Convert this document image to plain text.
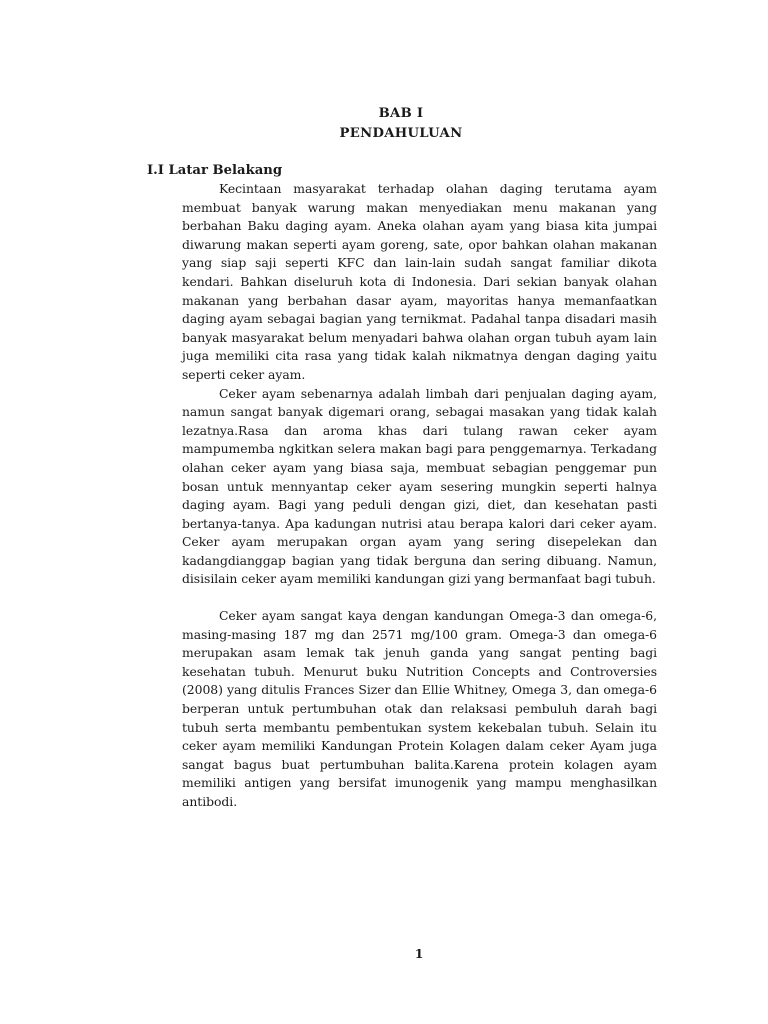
BAB I
PENDAHULUAN
I.I Latar Belakang

Kecintaan masyarakat terhadap olahan daging terutama ayam membuat banyak warung makan menyediakan menu makanan yang berbahan Baku daging ayam. Aneka olahan ayam yang biasa kita jumpai diwarung makan seperti ayam goreng, sate, opor bahkan olahan makanan yang siap saji seperti KFC dan lain-lain sudah sangat familiar dikota kendari. Bahkan diseluruh kota di Indonesia. Dari sekian banyak olahan makanan yang berbahan dasar ayam, mayoritas hanya memanfaatkan daging ayam sebagai bagian yang ternikmat. Padahal tanpa disadari masih banyak masyarakat belum menyadari bahwa olahan organ tubuh ayam lain juga memiliki cita rasa yang tidak kalah nikmatnya dengan daging yaitu seperti ceker ayam.

Ceker ayam sebenarnya adalah limbah dari penjualan daging ayam, namun sangat banyak digemari orang, sebagai masakan yang tidak kalah lezatnya.Rasa dan aroma khas dari tulang rawan ceker ayam mampumemba ngkitkan selera makan bagi para penggemarnya. Terkadang olahan ceker ayam yang biasa saja, membuat sebagian penggemar pun bosan untuk mennyantap ceker ayam sesering mungkin seperti halnya daging ayam. Bagi yang peduli dengan gizi, diet, dan kesehatan pasti bertanya-tanya. Apa kadungan nutrisi atau berapa kalori dari ceker ayam. Ceker ayam merupakan organ ayam yang sering disepelekan dan kadangdianggap bagian yang tidak berguna dan sering dibuang. Namun, disisilain ceker ayam memiliki kandungan gizi yang bermanfaat bagi tubuh.

Ceker ayam sangat kaya dengan kandungan Omega-3 dan omega-6, masing-masing 187 mg dan 2571 mg/100 gram. Omega-3 dan omega-6 merupakan asam lemak tak jenuh ganda yang sangat penting bagi kesehatan tubuh. Menurut buku Nutrition Concepts and Controversies (2008) yang ditulis Frances Sizer dan Ellie Whitney, Omega 3, dan omega-6 berperan untuk pertumbuhan otak dan relaksasi pembuluh darah bagi tubuh serta membantu pembentukan system kekebalan tubuh. Selain itu ceker ayam memiliki Kandungan Protein Kolagen dalam ceker Ayam juga sangat bagus buat pertumbuhan balita.Karena protein kolagen ayam memiliki antigen yang bersifat imunogenik yang mampu menghasilkan antibodi.

1
